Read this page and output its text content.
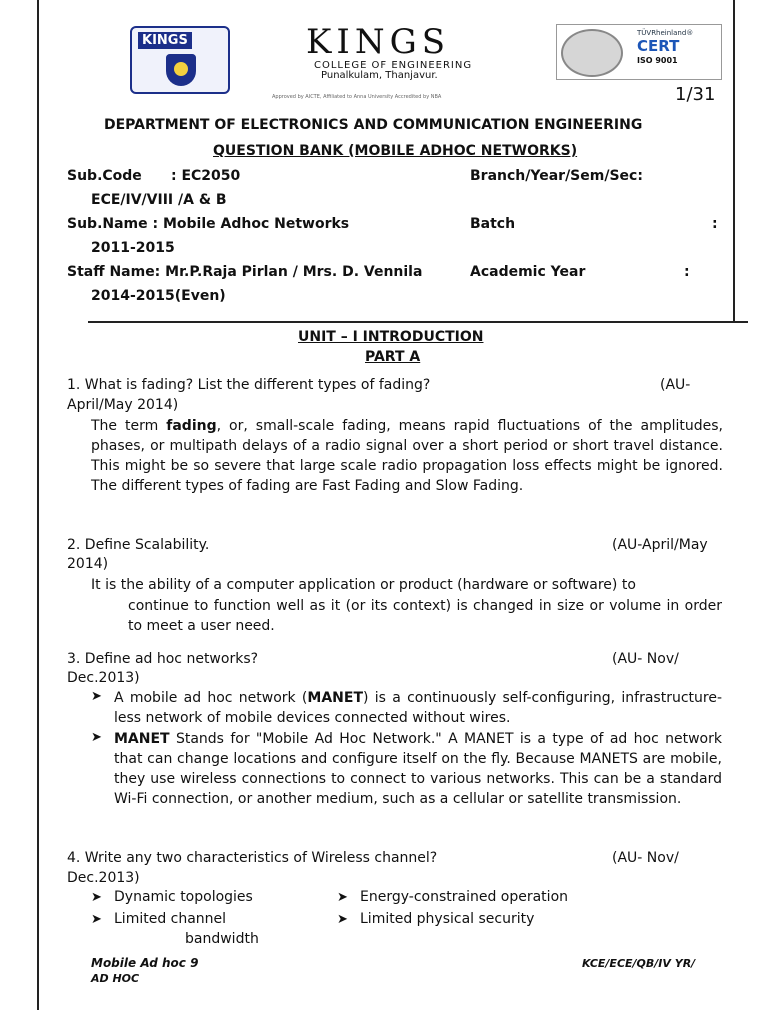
KINGS	KINGS
COLLEGE OF ENGINEERING
Punalkulam, Thanjavur.
Approved by AICTE, Affiliated to Anna University Accredited by NBA
TÜVRheinland®
CERT
ISO 9001
1/31
DEPARTMENT OF ELECTRONICS AND COMMUNICATION ENGINEERING
QUESTION BANK (MOBILE ADHOC NETWORKS)
Sub.Code : EC2050	Branch/Year/Sem/Sec:
ECE/IV/VIII /A & B
Sub.Name : Mobile Adhoc Networks	Batch	:
2011-2015
Staff Name: Mr.P.Raja Pirlan / Mrs. D. Vennila	Academic Year	:
2014-2015(Even)
UNIT – I INTRODUCTION
PART A
1. What is fading? List the different types of fading?	(AU-
April/May 2014)
The term fading, or, small-scale fading, means rapid fluctuations of the amplitudes, phases, or multipath delays of a radio signal over a short period or short travel distance. This might be so severe that large scale radio propagation loss effects might be ignored. The different types of fading are Fast Fading and Slow Fading.
2. Define Scalability.	(AU-April/May
2014)
It is the ability of a computer application or product (hardware or software) to
continue to function well as it (or its context) is changed in size or volume in order to meet a user need.
3. Define ad hoc networks?	(AU- Nov/
Dec.2013)
➤ A mobile ad hoc network (MANET) is a continuously self-configuring, infrastructure-less network of mobile devices connected without wires.
➤ MANET Stands for "Mobile Ad Hoc Network." A MANET is a type of ad hoc network that can change locations and configure itself on the fly. Because MANETS are mobile, they use wireless connections to connect to various networks. This can be a standard Wi-Fi connection, or another medium, such as a cellular or satellite transmission.
4. Write any two characteristics of Wireless channel?	(AU- Nov/
Dec.2013)
➤ Dynamic topologies	➤ Energy-constrained operation
➤ Limited channel	➤ Limited physical security
bandwidth
Mobile Ad hoc 9
AD HOC
KCE/ECE/QB/IV YR/
